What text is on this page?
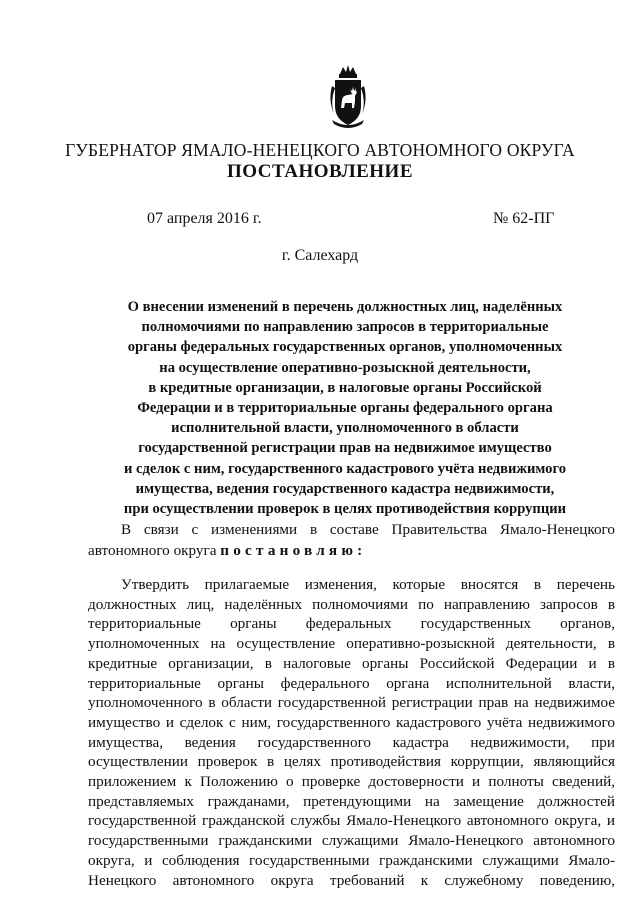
ГУБЕРНАТОР ЯМАЛО-НЕНЕЦКОГО АВТОНОМНОГО ОКРУГА
ПОСТАНОВЛЕНИЕ
07 апреля 2016 г.	№ 62-ПГ
г. Салехард
О внесении изменений в перечень должностных лиц, наделённых
полномочиями по направлению запросов в территориальные
органы федеральных государственных органов, уполномоченных
на осуществление оперативно-розыскной деятельности,
в кредитные организации, в налоговые органы Российской
Федерации и в территориальные органы федерального органа
исполнительной власти, уполномоченного в области
государственной регистрации прав на недвижимое имущество
и сделок с ним, государственного кадастрового учёта недвижимого
имущества, ведения государственного кадастра недвижимости,
при осуществлении проверок в целях противодействия коррупции
В связи с изменениями в составе Правительства Ямало-Ненецкого
автономного округа постановляю:
Утвердить прилагаемые изменения, которые вносятся в перечень
должностных лиц, наделённых полномочиями по направлению запросов в
территориальные органы федеральных государственных органов,
уполномоченных на осуществление оперативно-розыскной деятельности, в
кредитные организации, в налоговые органы Российской Федерации и в
территориальные органы федерального органа исполнительной власти,
уполномоченного в области государственной регистрации прав на недвижимое
имущество и сделок с ним, государственного кадастрового учёта недвижимого
имущества, ведения государственного кадастра недвижимости, при
осуществлении проверок в целях противодействия коррупции, являющийся
приложением к Положению о проверке достоверности и полноты сведений,
представляемых гражданами, претендующими на замещение должностей
государственной гражданской службы Ямало-Ненецкого автономного округа, и
государственными гражданскими служащими Ямало-Ненецкого автономного
округа, и соблюдения государственными гражданскими служащими Ямало-
Ненецкого автономного округа требований к служебному поведению,
